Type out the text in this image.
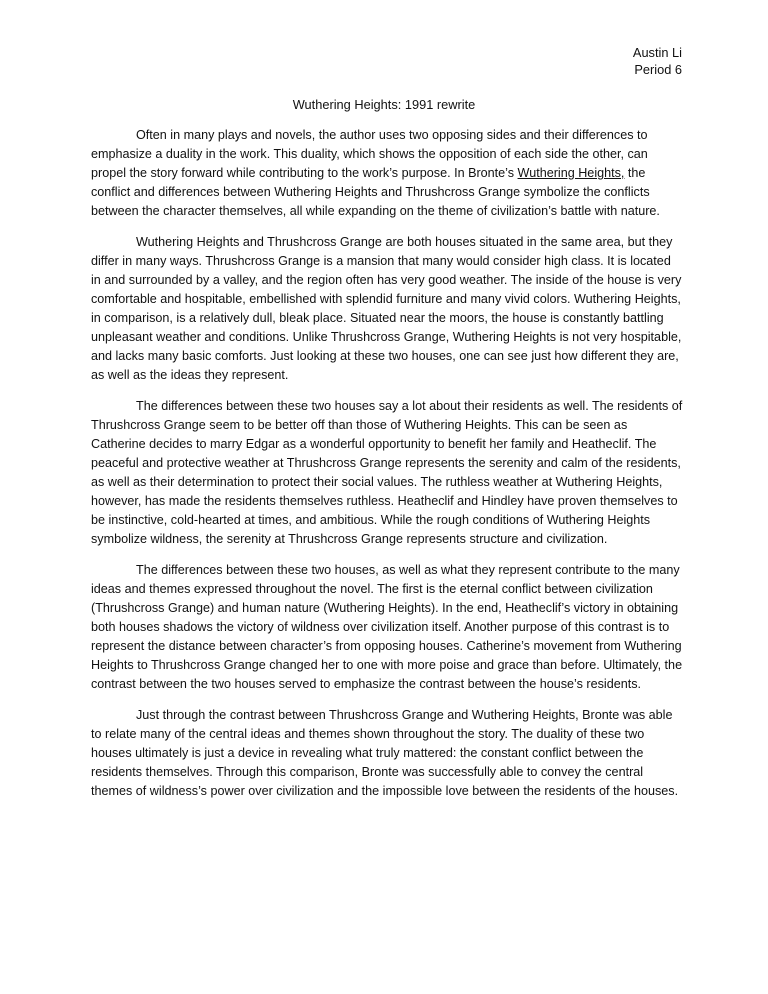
Austin Li
Period 6
Wuthering Heights: 1991 rewrite

Often in many plays and novels, the author uses two opposing sides and their differences to emphasize a duality in the work. This duality, which shows the opposition of each side the other, can propel the story forward while contributing to the work’s purpose. In Bronte’s Wuthering Heights, the conflict and differences between Wuthering Heights and Thrushcross Grange symbolize the conflicts between the character themselves, all while expanding on the theme of civilization’s battle with nature.

Wuthering Heights and Thrushcross Grange are both houses situated in the same area, but they differ in many ways. Thrushcross Grange is a mansion that many would consider high class. It is located in and surrounded by a valley, and the region often has very good weather. The inside of the house is very comfortable and hospitable, embellished with splendid furniture and many vivid colors. Wuthering Heights, in comparison, is a relatively dull, bleak place. Situated near the moors, the house is constantly battling unpleasant weather and conditions. Unlike Thrushcross Grange, Wuthering Heights is not very hospitable, and lacks many basic comforts. Just looking at these two houses, one can see just how different they are, as well as the ideas they represent.

The differences between these two houses say a lot about their residents as well. The residents of Thrushcross Grange seem to be better off than those of Wuthering Heights. This can be seen as Catherine decides to marry Edgar as a wonderful opportunity to benefit her family and Heatheclif. The peaceful and protective weather at Thrushcross Grange represents the serenity and calm of the residents, as well as their determination to protect their social values. The ruthless weather at Wuthering Heights, however, has made the residents themselves ruthless. Heatheclif and Hindley have proven themselves to be instinctive, cold-hearted at times, and ambitious. While the rough conditions of Wuthering Heights symbolize wildness, the serenity at Thrushcross Grange represents structure and civilization.

The differences between these two houses, as well as what they represent contribute to the many ideas and themes expressed throughout the novel. The first is the eternal conflict between civilization (Thrushcross Grange) and human nature (Wuthering Heights). In the end, Heatheclif’s victory in obtaining both houses shadows the victory of wildness over civilization itself. Another purpose of this contrast is to represent the distance between character’s from opposing houses. Catherine’s movement from Wuthering Heights to Thrushcross Grange changed her to one with more poise and grace than before. Ultimately, the contrast between the two houses served to emphasize the contrast between the house’s residents.

Just through the contrast between Thrushcross Grange and Wuthering Heights, Bronte was able to relate many of the central ideas and themes shown throughout the story. The duality of these two houses ultimately is just a device in revealing what truly mattered: the constant conflict between the residents themselves. Through this comparison, Bronte was successfully able to convey the central themes of wildness’s power over civilization and the impossible love between the residents of the houses.
